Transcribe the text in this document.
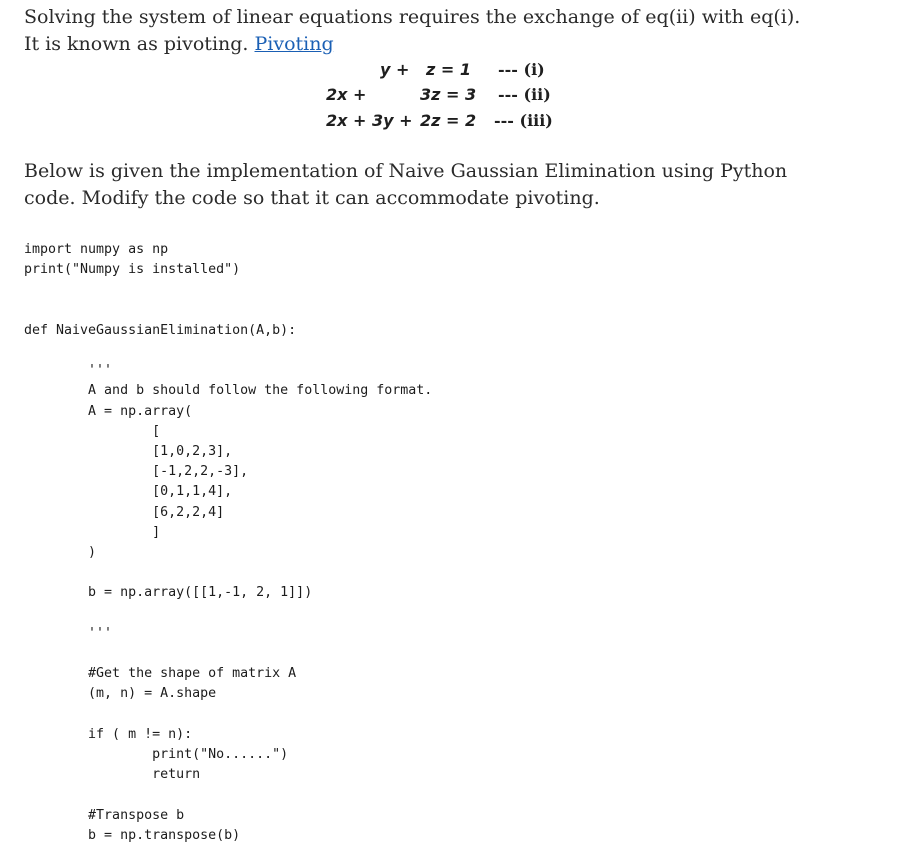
Solving the system of linear equations requires the exchange of eq(ii) with eq(i). It is known as pivoting. Pivoting
y + z = 1 --- (i)
2x +	3z = 3 --- (ii)
2x + 3y + 2z = 2 --- (iii)
Below is given the implementation of Naive Gaussian Elimination using Python code. Modify the code so that it can accommodate pivoting.
import numpy as np
print("Numpy is installed")

def NaiveGaussianElimination(A,b):

'''
A and b should follow the following format.
A = np.array(
[
[1,0,2,3],
[-1,2,2,-3],
[0,1,1,4],
[6,2,2,4]
]
)

b = np.array([[1,-1, 2, 1]])

'''

#Get the shape of matrix A
(m, n) = A.shape

if ( m != n):
print("No......")
return

#Transpose b
b = np.transpose(b)
